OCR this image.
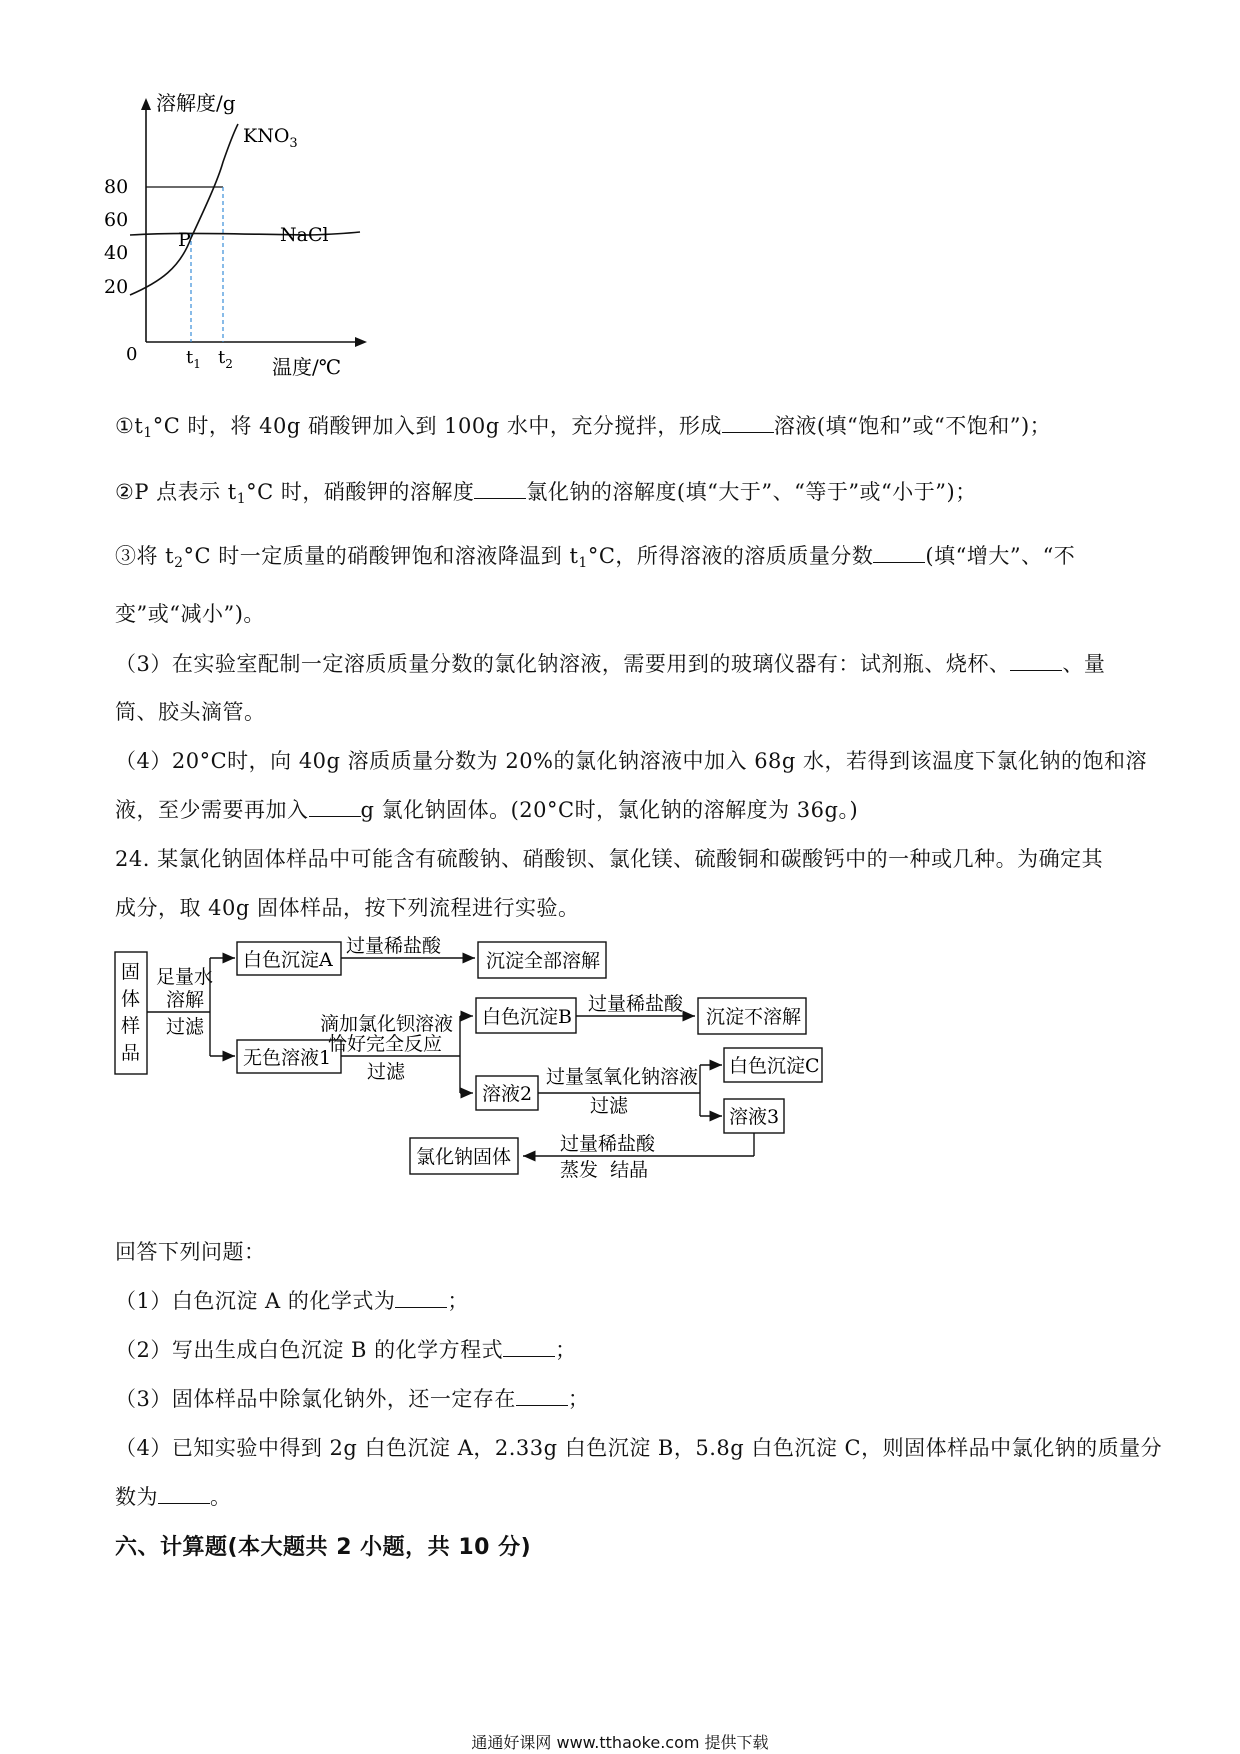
溶解度/g
温度/℃
0
80
60
40
20
$KNO_3$
NaCl
P
$t_1$ $t_2$
$①t_1^\circ C$ 时，将 40g 硝酸钾加入到 100g 水中，充分搅拌，形成 溶液(填“饱和”或“不饱和”)；
②P 点表示 $t_1^\circ C$ 时，硝酸钾的溶解度 氯化钠的溶解度(填“大于”、“等于”或“小于”)；
③将 $t_2^\circ C$ 时一定质量的硝酸钾饱和溶液降温到 $t_1^\circ C$，所得溶液的溶质质量分数 (填“增大”、“不
变”或“减小”)。
（3）在实验室配制一定溶质质量分数的氯化钠溶液，需要用到的玻璃仪器有：试剂瓶、烧杯、 、量
筒、胶头滴管。
（4）20°C时，向 40g 溶质质量分数为 20%的氯化钠溶液中加入 68g 水，若得到该温度下氯化钠的饱和溶
液，至少需要再加入 g 氯化钠固体。(20°C时，氯化钠的溶解度为 36g。)
24. 某氯化钠固体样品中可能含有硫酸钠、硝酸钡、氯化镁、硫酸铜和碳酸钙中的一种或几种。为确定其
成分，取 40g 固体样品，按下列流程进行实验。
固
体
样
品
足量水
溶解
过滤
白色沉淀A
过量稀盐酸
沉淀全部溶解
无色溶液1
滴加氯化钡溶液
恰好完全反应
过滤
白色沉淀B
过量稀盐酸
沉淀不溶解
溶液2
过量氢氧化钠溶液
过滤
白色沉淀C
溶液3
过量稀盐酸
蒸发  结晶
氯化钠固体
回答下列问题：
（1）白色沉淀 A 的化学式为 ；
（2）写出生成白色沉淀 B 的化学方程式 ；
（3）固体样品中除氯化钠外，还一定存在 ；
（4）已知实验中得到 2g 白色沉淀 A，2.33g 白色沉淀 B，5.8g 白色沉淀 C，则固体样品中氯化钠的质量分
数为 。
六、计算题(本大题共 2 小题，共 10 分)
通通好课网 www.tthaoke.com 提供下载
